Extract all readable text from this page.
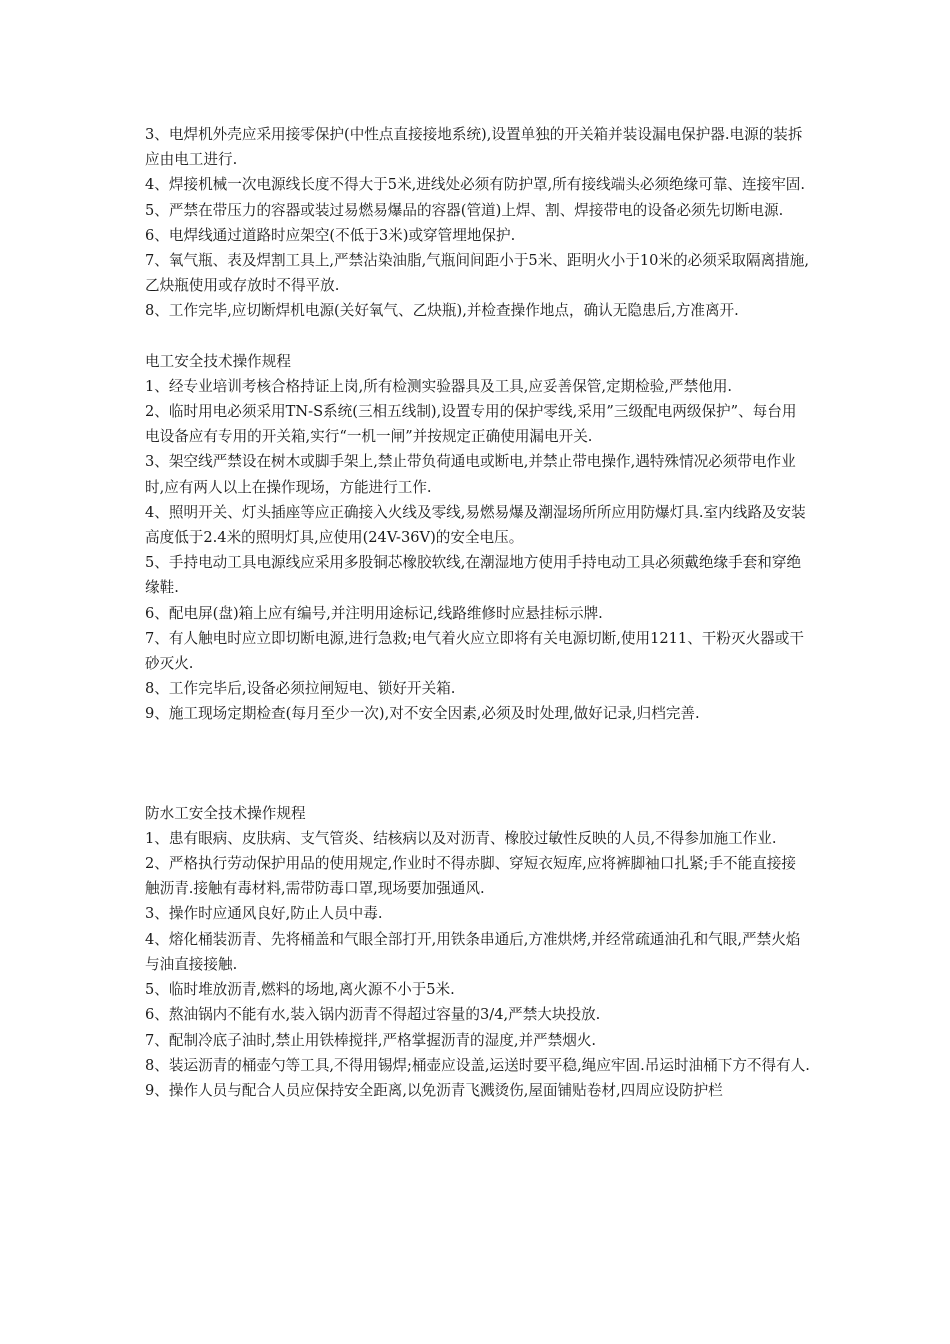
3、电焊机外壳应采用接零保护(中性点直接接地系统),设置单独的开关箱并装设漏电保护器.电源的装拆应由电工进行.

4、焊接机械一次电源线长度不得大于5米,进线处必须有防护罩,所有接线端头必须绝缘可靠、连接牢固.

5、严禁在带压力的容器或装过易燃易爆品的容器(管道)上焊、割、焊接带电的设备必须先切断电源.

6、电焊线通过道路时应架空(不低于3米)或穿管埋地保护.

7、氧气瓶、表及焊割工具上,严禁沾染油脂,气瓶间间距小于5米、距明火小于10米的必须采取隔离措施,乙炔瓶使用或存放时不得平放.

8、工作完毕,应切断焊机电源(关好氧气、乙炔瓶),并检查操作地点，确认无隐患后,方准离开.

电工安全技术操作规程

1、经专业培训考核合格持证上岗,所有检测实验器具及工具,应妥善保管,定期检验,严禁他用.

2、临时用电必须采用TN-S系统(三相五线制),设置专用的保护零线,采用”三级配电两级保护”、每台用电设备应有专用的开关箱,实行“一机一闸”并按规定正确使用漏电开关.

3、架空线严禁设在树木或脚手架上,禁止带负荷通电或断电,并禁止带电操作,遇特殊情况必须带电作业时,应有两人以上在操作现场，方能进行工作.

4、照明开关、灯头插座等应正确接入火线及零线,易燃易爆及潮湿场所所应用防爆灯具.室内线路及安装高度低于2.4米的照明灯具,应使用(24V-36V)的安全电压。

5、手持电动工具电源线应采用多股铜芯橡胶软线,在潮湿地方使用手持电动工具必须戴绝缘手套和穿绝缘鞋.

6、配电屏(盘)箱上应有编号,并注明用途标记,线路维修时应悬挂标示牌.

7、有人触电时应立即切断电源,进行急救;电气着火应立即将有关电源切断,使用1211、干粉灭火器或干砂灭火.

8、工作完毕后,设备必须拉闸短电、锁好开关箱.

9、施工现场定期检查(每月至少一次),对不安全因素,必须及时处理,做好记录,归档完善.

防水工安全技术操作规程

1、患有眼病、皮肤病、支气管炎、结核病以及对沥青、橡胶过敏性反映的人员,不得参加施工作业.

2、严格执行劳动保护用品的使用规定,作业时不得赤脚、穿短衣短库,应将裤脚袖口扎紧;手不能直接接触沥青.接触有毒材料,需带防毒口罩,现场要加强通风.

3、操作时应通风良好,防止人员中毒.

4、熔化桶装沥青、先将桶盖和气眼全部打开,用铁条串通后,方准烘烤,并经常疏通油孔和气眼,严禁火焰与油直接接触.

5、临时堆放沥青,燃料的场地,离火源不小于5米.

6、熬油锅内不能有水,装入锅内沥青不得超过容量的3/4,严禁大块投放.

7、配制冷底子油时,禁止用铁棒搅拌,严格掌握沥青的湿度,并严禁烟火.

8、装运沥青的桶壶勺等工具,不得用锡焊;桶壶应设盖,运送时要平稳,绳应牢固.吊运时油桶下方不得有人.

9、操作人员与配合人员应保持安全距离,以免沥青飞溅烫伤,屋面铺贴卷材,四周应设防护栏
